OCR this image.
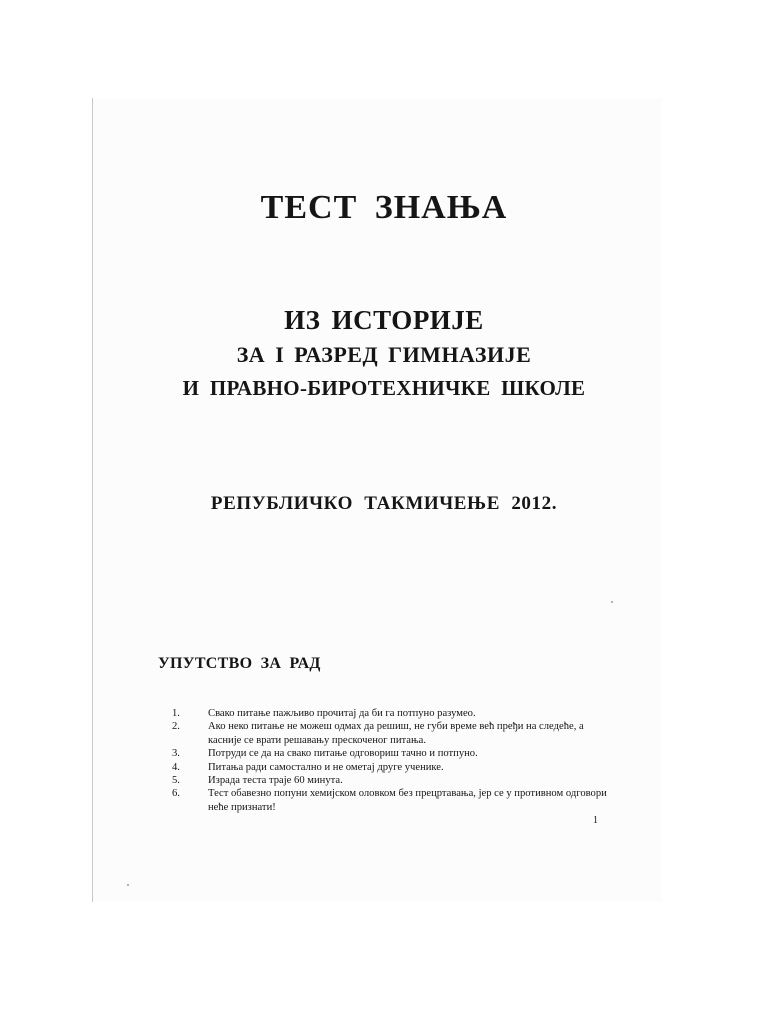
ТЕСТ ЗНАЊА
ИЗ ИСТОРИЈЕ
ЗА I РАЗРЕД ГИМНАЗИЈЕ
И ПРАВНО-БИРОТЕХНИЧКЕ ШКОЛЕ
РЕПУБЛИЧКО ТАКМИЧЕЊЕ 2012.
УПУТСТВО ЗА РАД
1.	Свако питање пажљиво прочитај да би га потпуно разумео.
2.	Ако неко питање не можеш одмах да решиш, не губи време већ пређи на следеће, а касније се врати решавању прескоченог питања.
3.	Потруди се да на свако питање одговориш тачно и потпуно.
4.	Питања ради самостално и не ометај друге ученике.
5.	Израда теста траје 60 минута.
6.	Тест обавезно попуни хемијском оловком без прецртавања, јер се у противном одговори неће признати!
1
